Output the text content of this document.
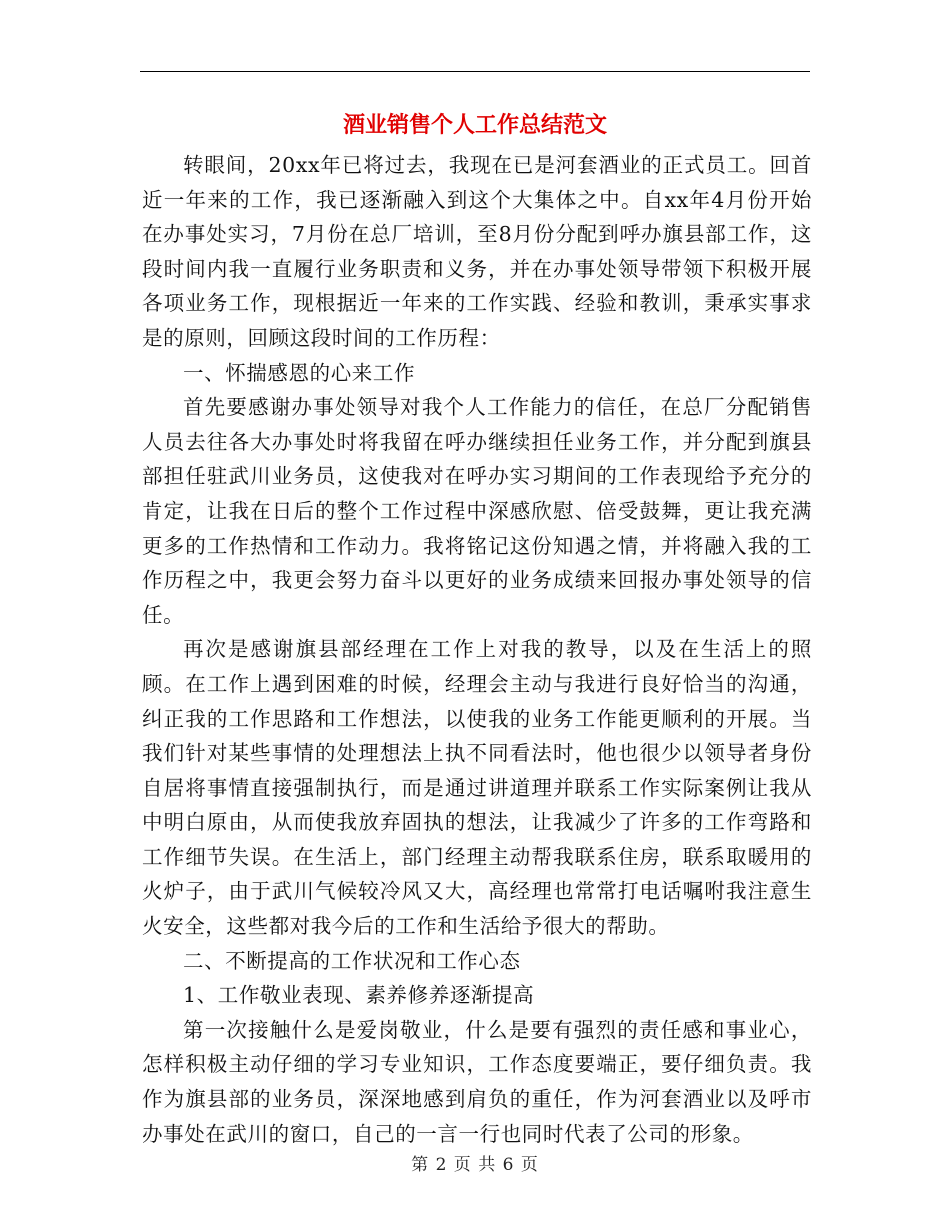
酒业销售个人工作总结范文

转眼间，20xx年已将过去，我现在已是河套酒业的正式员工。回首近一年来的工作，我已逐渐融入到这个大集体之中。自xx年4月份开始在办事处实习，7月份在总厂培训，至8月份分配到呼办旗县部工作，这段时间内我一直履行业务职责和义务，并在办事处领导带领下积极开展各项业务工作，现根据近一年来的工作实践、经验和教训，秉承实事求是的原则，回顾这段时间的工作历程：

一、怀揣感恩的心来工作

首先要感谢办事处领导对我个人工作能力的信任，在总厂分配销售人员去往各大办事处时将我留在呼办继续担任业务工作，并分配到旗县部担任驻武川业务员，这使我对在呼办实习期间的工作表现给予充分的肯定，让我在日后的整个工作过程中深感欣慰、倍受鼓舞，更让我充满更多的工作热情和工作动力。我将铭记这份知遇之情，并将融入我的工作历程之中，我更会努力奋斗以更好的业务成绩来回报办事处领导的信任。

再次是感谢旗县部经理在工作上对我的教导，以及在生活上的照顾。在工作上遇到困难的时候，经理会主动与我进行良好恰当的沟通，纠正我的工作思路和工作想法，以使我的业务工作能更顺利的开展。当我们针对某些事情的处理想法上执不同看法时，他也很少以领导者身份自居将事情直接强制执行，而是通过讲道理并联系工作实际案例让我从中明白原由，从而使我放弃固执的想法，让我减少了许多的工作弯路和工作细节失误。在生活上，部门经理主动帮我联系住房，联系取暖用的火炉子，由于武川气候较冷风又大，高经理也常常打电话嘱咐我注意生火安全，这些都对我今后的工作和生活给予很大的帮助。

二、不断提高的工作状况和工作心态

1、工作敬业表现、素养修养逐渐提高

第一次接触什么是爱岗敬业，什么是要有强烈的责任感和事业心，怎样积极主动仔细的学习专业知识，工作态度要端正，要仔细负责。我作为旗县部的业务员，深深地感到肩负的重任，作为河套酒业以及呼市办事处在武川的窗口，自己的一言一行也同时代表了公司的形象。

第 2 页 共 6 页
